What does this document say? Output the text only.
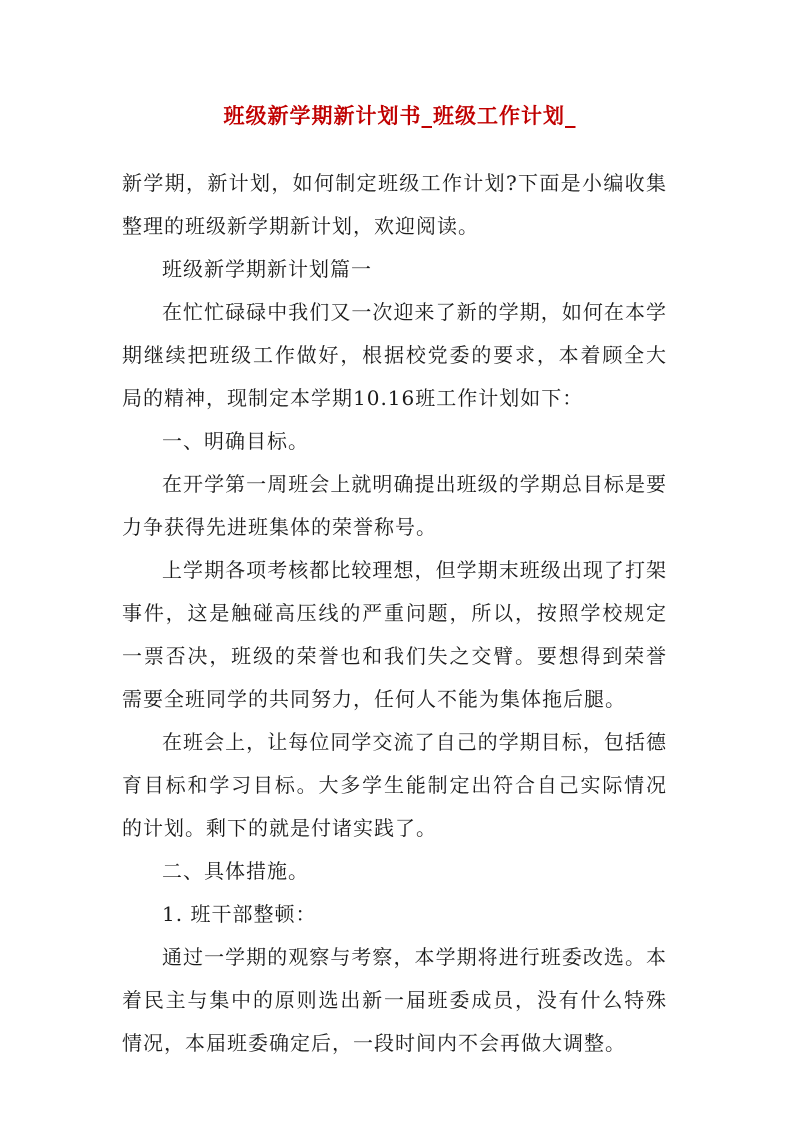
班级新学期新计划书_班级工作计划_

新学期，新计划，如何制定班级工作计划?下面是小编收集整理的班级新学期新计划，欢迎阅读。

班级新学期新计划篇一

在忙忙碌碌中我们又一次迎来了新的学期，如何在本学期继续把班级工作做好，根据校党委的要求，本着顾全大局的精神，现制定本学期10.16班工作计划如下：

一、明确目标。

在开学第一周班会上就明确提出班级的学期总目标是要力争获得先进班集体的荣誉称号。

上学期各项考核都比较理想，但学期末班级出现了打架事件，这是触碰高压线的严重问题，所以，按照学校规定一票否决，班级的荣誉也和我们失之交臂。要想得到荣誉需要全班同学的共同努力，任何人不能为集体拖后腿。

在班会上，让每位同学交流了自己的学期目标，包括德育目标和学习目标。大多学生能制定出符合自己实际情况的计划。剩下的就是付诸实践了。

二、具体措施。

1. 班干部整顿：

通过一学期的观察与考察，本学期将进行班委改选。本着民主与集中的原则选出新一届班委成员，没有什么特殊情况，本届班委确定后，一段时间内不会再做大调整。
